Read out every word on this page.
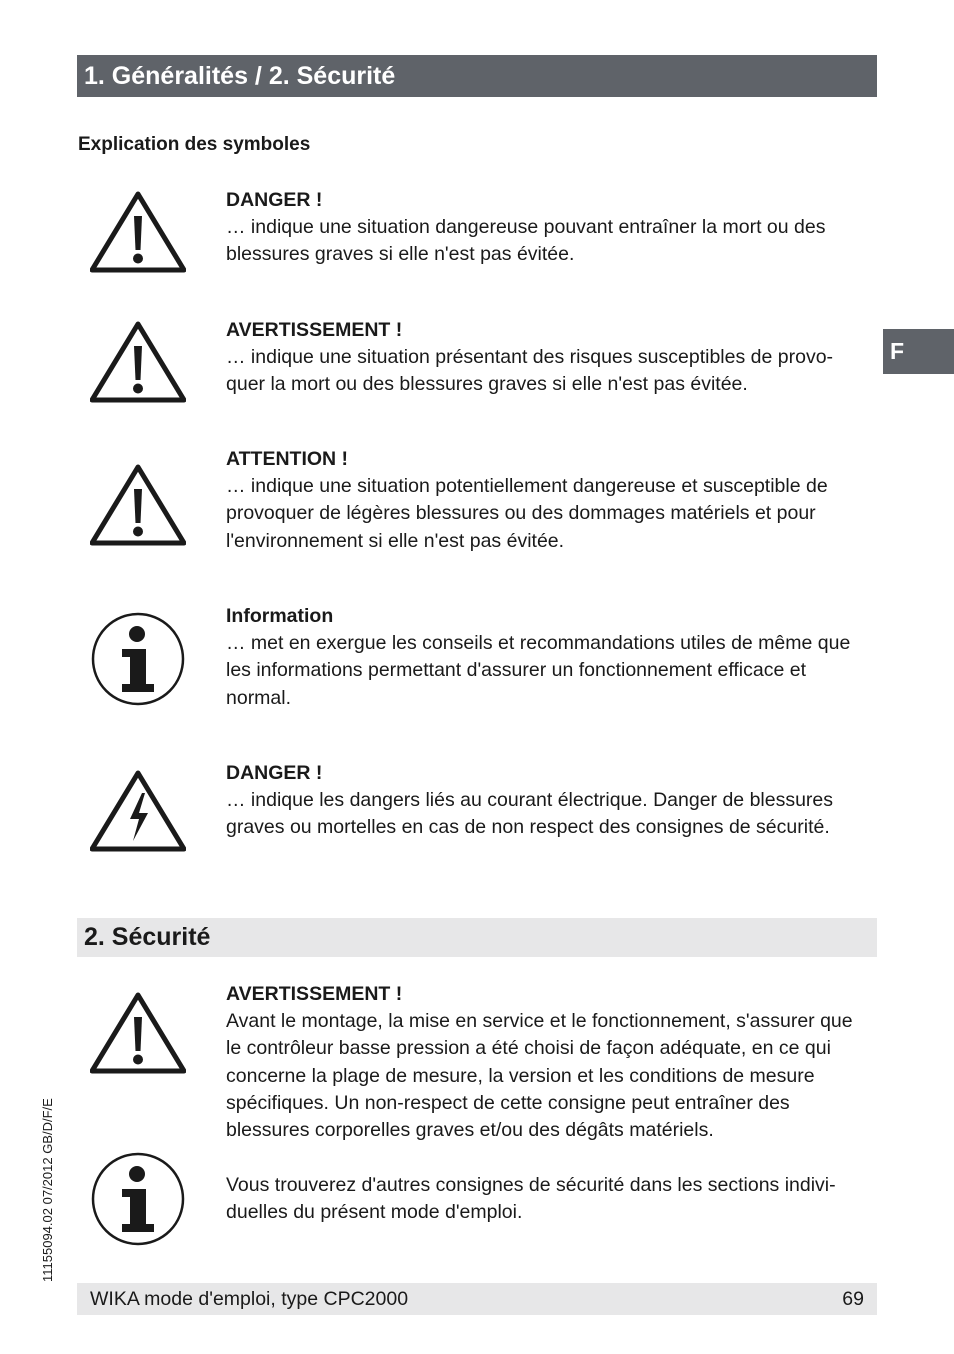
1. Généralités / 2. Sécurité
F
Explication des symboles
DANGER !
… indique une situation dangereuse pouvant entraîner la mort ou des blessures graves si elle n'est pas évitée.
AVERTISSEMENT !
… indique une situation présentant des risques susceptibles de provo-quer la mort ou des blessures graves si elle n'est pas évitée.
ATTENTION !
… indique une situation potentiellement dangereuse et susceptible de provoquer de légères blessures ou des dommages matériels et pour l'environnement si elle n'est pas évitée.
Information
… met en exergue les conseils et recommandations utiles de même que les informations permettant d'assurer un fonctionnement efficace et normal.
DANGER !
… indique les dangers liés au courant électrique. Danger de blessures graves ou mortelles en cas de non respect des consignes de sécurité.
2. Sécurité
AVERTISSEMENT !
Avant le montage, la mise en service et le fonctionnement, s'assurer que le contrôleur basse pression a été choisi de façon adéquate, en ce qui concerne la plage de mesure, la version et les conditions de mesure spécifiques. Un non-respect de cette consigne peut entraîner des blessures corporelles graves et/ou des dégâts matériels.
Vous trouverez d'autres consignes de sécurité dans les sections indivi-duelles du présent mode d'emploi.
11155094.02 07/2012 GB/D/F/E
WIKA mode d'emploi, type CPC2000	69
